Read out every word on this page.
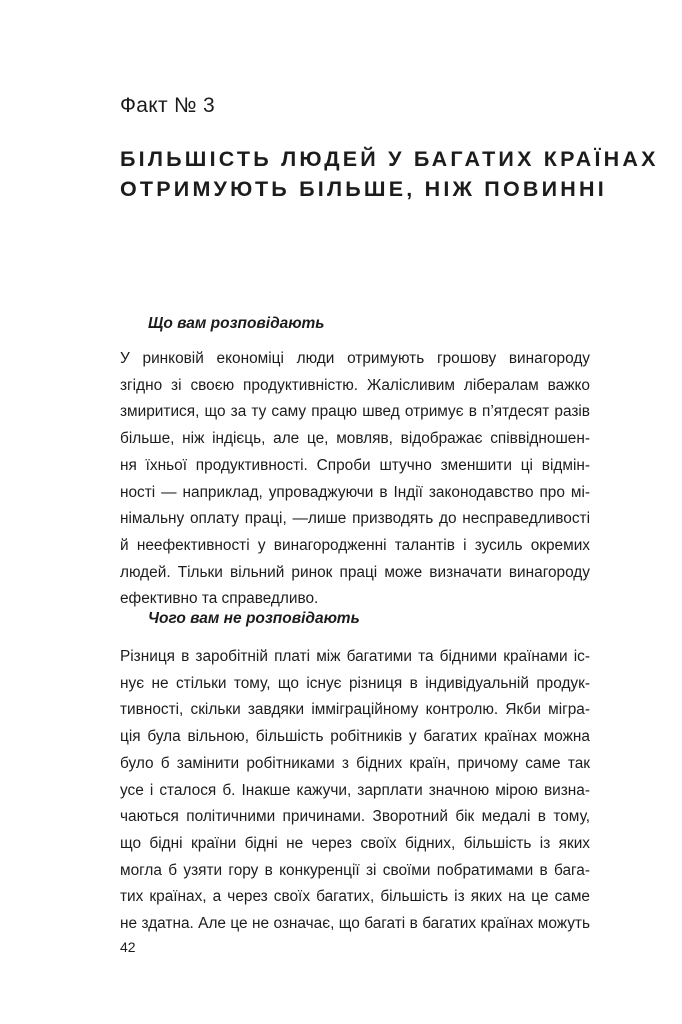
Факт № 3
БІЛЬШІСТЬ ЛЮДЕЙ У БАГАТИХ КРАЇНАХ
ОТРИМУЮТЬ БІЛЬШЕ, НІЖ ПОВИННІ
Що вам розповідають
У ринковій економіці люди отримують грошову винагороду
згідно зі своєю продуктивністю. Жалісливим лібералам важко
змиритися, що за ту саму працю швед отримує в п’ятдесят разів
більше, ніж індієць, але це, мовляв, відображає співвідношен-
ня їхньої продуктивності. Спроби штучно зменшити ці відмін-
ності — наприклад, упроваджуючи в Індії законодавство про мі-
німальну оплату праці, —лише призводять до несправедливості
й неефективності у винагородженні талантів і зусиль окремих
людей. Тільки вільний ринок праці може визначати винагороду
ефективно та справедливо.
Чого вам не розповідають
Різниця в заробітній платі між багатими та бідними країнами іс-
нує не стільки тому, що існує різниця в індивідуальній продук-
тивності, скільки завдяки імміграційному контролю. Якби мігра-
ція була вільною, більшість робітників у багатих країнах можна
було б замінити робітниками з бідних країн, причому саме так
усе і сталося б. Інакше кажучи, зарплати значною мірою визна-
чаються політичними причинами. Зворотний бік медалі в тому,
що бідні країни бідні не через своїх бідних, більшість із яких
могла б узяти гору в конкуренції зі своїми побратимами в бага-
тих країнах, а через своїх багатих, більшість із яких на це саме
не здатна. Але це не означає, що багаті в багатих країнах можуть
42
